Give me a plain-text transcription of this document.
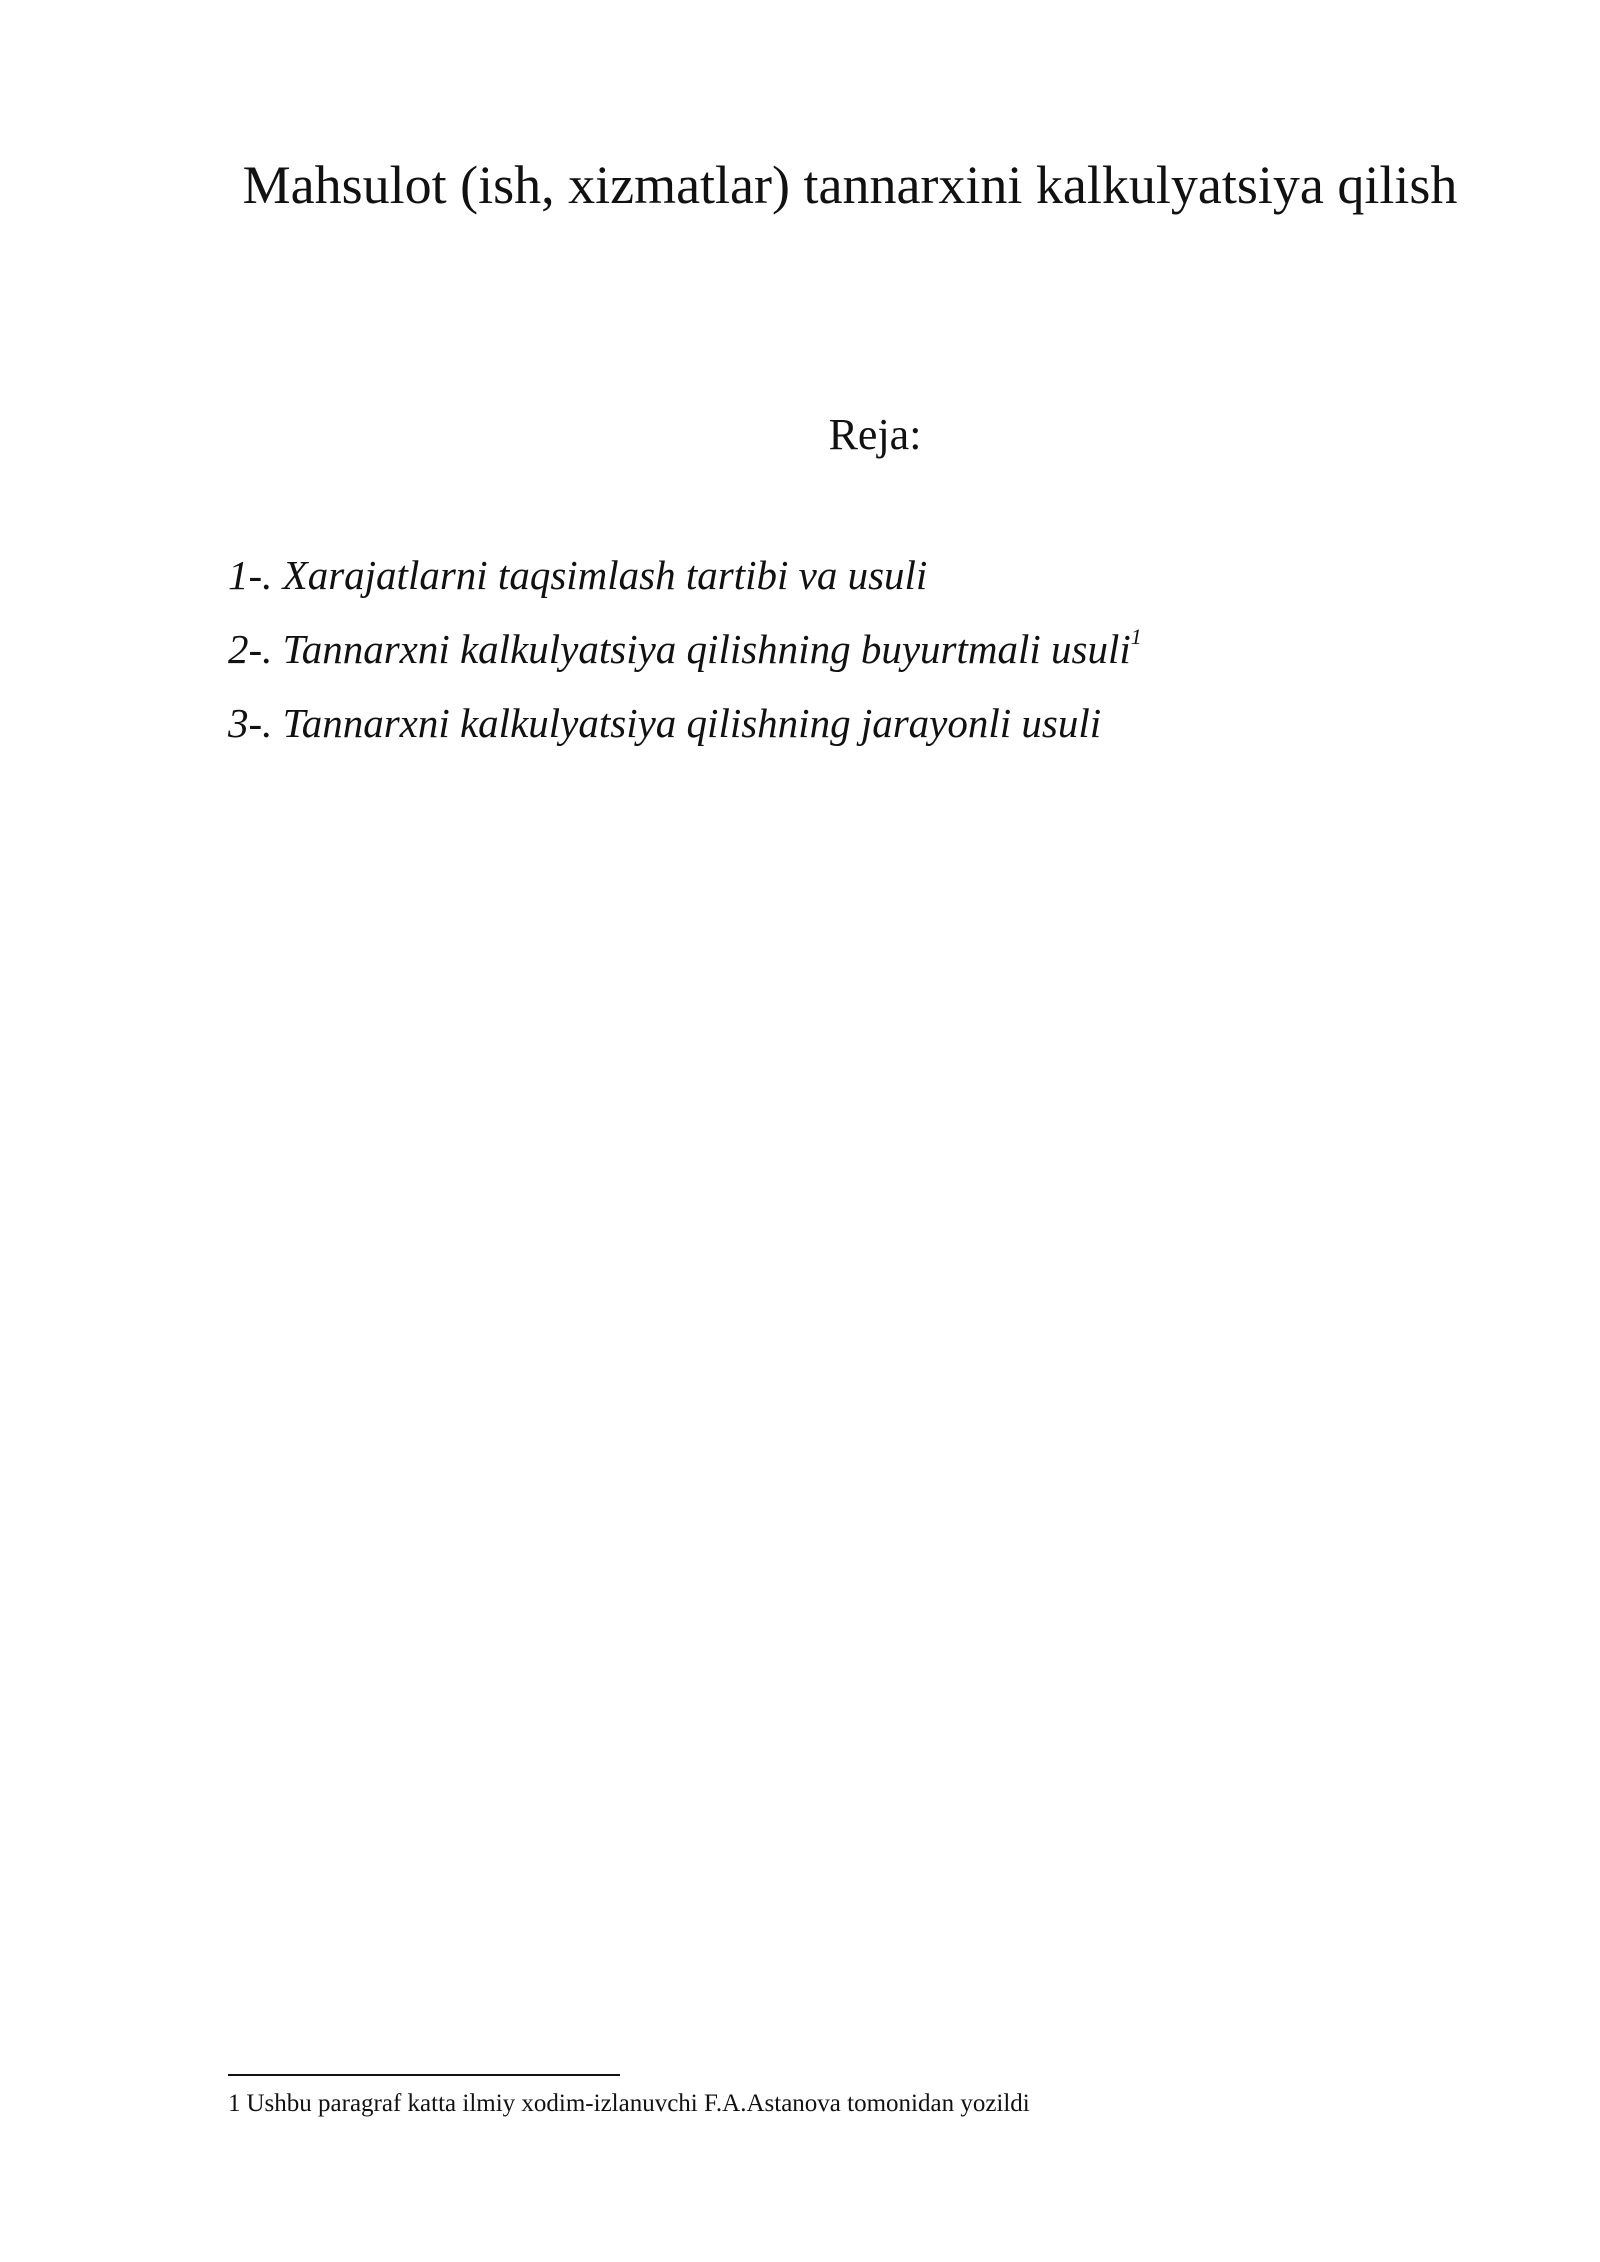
Mahsulot (ish, xizmatlar) tannarxini kalkulyatsiya qilish
Reja:
1-. Xarajatlarni taqsimlash tartibi va usuli
2-. Tannarxni kalkulyatsiya qilishning buyurtmali usuli$^1$
3-. Tannarxni kalkulyatsiya qilishning jarayonli usuli

1 Ushbu paragraf katta ilmiy xodim-izlanuvchi F.A.Astanova tomonidan yozildi
